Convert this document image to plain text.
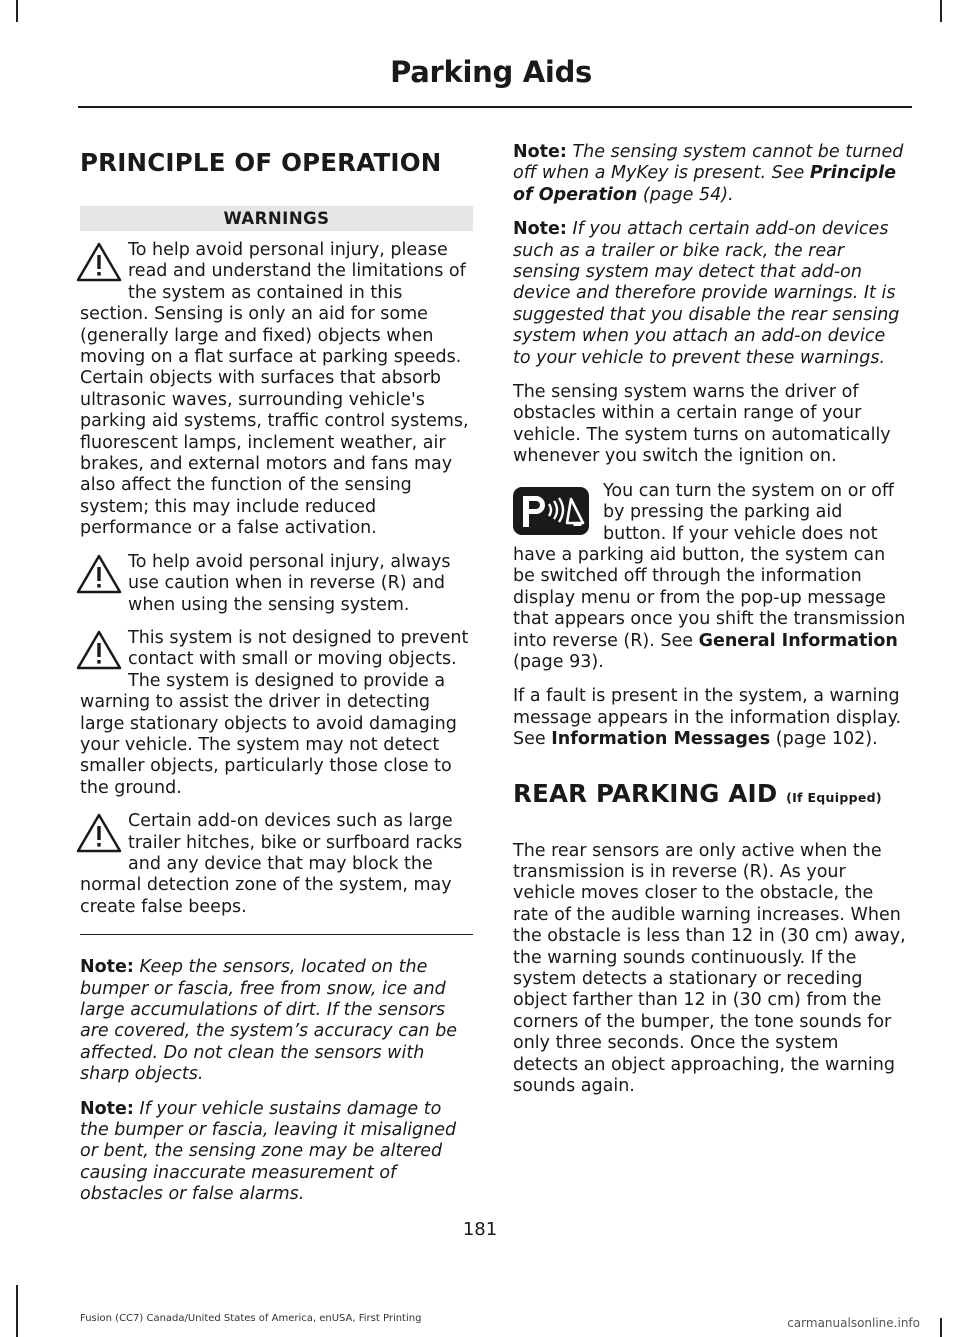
Parking Aids
PRINCIPLE OF OPERATION
WARNINGS
To help avoid personal injury, please read and understand the limitations of the system as contained in this section. Sensing is only an aid for some (generally large and fixed) objects when moving on a flat surface at parking speeds. Certain objects with surfaces that absorb ultrasonic waves, surrounding vehicle's parking aid systems, traffic control systems, fluorescent lamps, inclement weather, air brakes, and external motors and fans may also affect the function of the sensing system; this may include reduced performance or a false activation.
To help avoid personal injury, always use caution when in reverse (R) and when using the sensing system.
This system is not designed to prevent contact with small or moving objects. The system is designed to provide a warning to assist the driver in detecting large stationary objects to avoid damaging your vehicle. The system may not detect smaller objects, particularly those close to the ground.
Certain add-on devices such as large trailer hitches, bike or surfboard racks and any device that may block the normal detection zone of the system, may create false beeps.

Note: Keep the sensors, located on the bumper or fascia, free from snow, ice and large accumulations of dirt. If the sensors are covered, the system’s accuracy can be affected. Do not clean the sensors with sharp objects.

Note: If your vehicle sustains damage to the bumper or fascia, leaving it misaligned or bent, the sensing zone may be altered causing inaccurate measurement of obstacles or false alarms.

Note: The sensing system cannot be turned off when a MyKey is present. See Principle of Operation (page 54).

Note: If you attach certain add-on devices such as a trailer or bike rack, the rear sensing system may detect that add-on device and therefore provide warnings. It is suggested that you disable the rear sensing system when you attach an add-on device to your vehicle to prevent these warnings.

The sensing system warns the driver of obstacles within a certain range of your vehicle. The system turns on automatically whenever you switch the ignition on.

You can turn the system on or off by pressing the parking aid button. If your vehicle does not have a parking aid button, the system can be switched off through the information display menu or from the pop-up message that appears once you shift the transmission into reverse (R). See General Information (page 93).

If a fault is present in the system, a warning message appears in the information display. See Information Messages (page 102).

REAR PARKING AID (If Equipped)

The rear sensors are only active when the transmission is in reverse (R). As your vehicle moves closer to the obstacle, the rate of the audible warning increases. When the obstacle is less than 12 in (30 cm) away, the warning sounds continuously. If the system detects a stationary or receding object farther than 12 in (30 cm) from the corners of the bumper, the tone sounds for only three seconds. Once the system detects an object approaching, the warning sounds again.

181
Fusion (CC7) Canada/United States of America, enUSA, First Printing	carmanualsonline.info
